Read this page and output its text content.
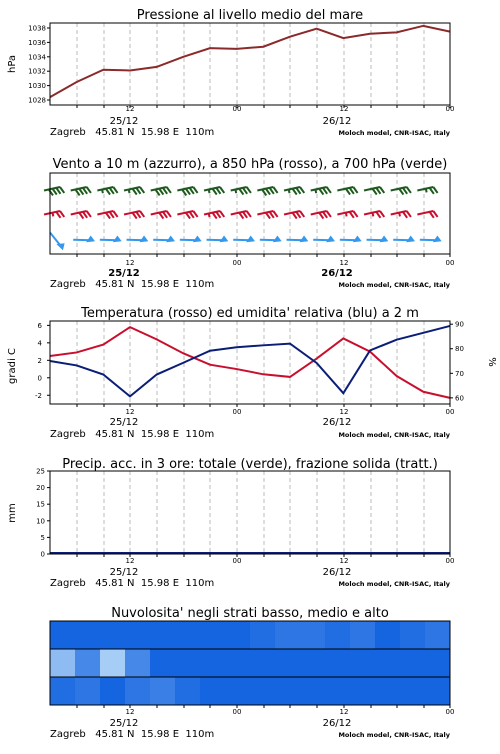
Pressione al livello medio del mare
1028
1030
1032
1034
1036
1038
hPa
12	00	12	00
25/12	26/12
Zagreb   45.81 N  15.98 E  110m	Moloch model, CNR-ISAC, Italy
Vento a 10 m (azzurro), a 850 hPa (rosso), a 700 hPa (verde)
12	00	12	00
25/12	26/12
Zagreb   45.81 N  15.98 E  110m	Moloch model, CNR-ISAC, Italy
Temperatura (rosso) ed umidita' relativa (blu) a 2 m
-2
0
2
4
6
60
70
80
90
gradi C	%
12	00	12	00
25/12	26/12
Zagreb   45.81 N  15.98 E  110m	Moloch model, CNR-ISAC, Italy
Precip. acc. in 3 ore: totale (verde), frazione solida (tratt.)
0
5
10
15
20
25
mm
12	00	12	00
25/12	26/12
Zagreb   45.81 N  15.98 E  110m	Moloch model, CNR-ISAC, Italy
Nuvolosita' negli strati basso, medio e alto
12	00	12	00
25/12	26/12
Zagreb   45.81 N  15.98 E  110m	Moloch model, CNR-ISAC, Italy
